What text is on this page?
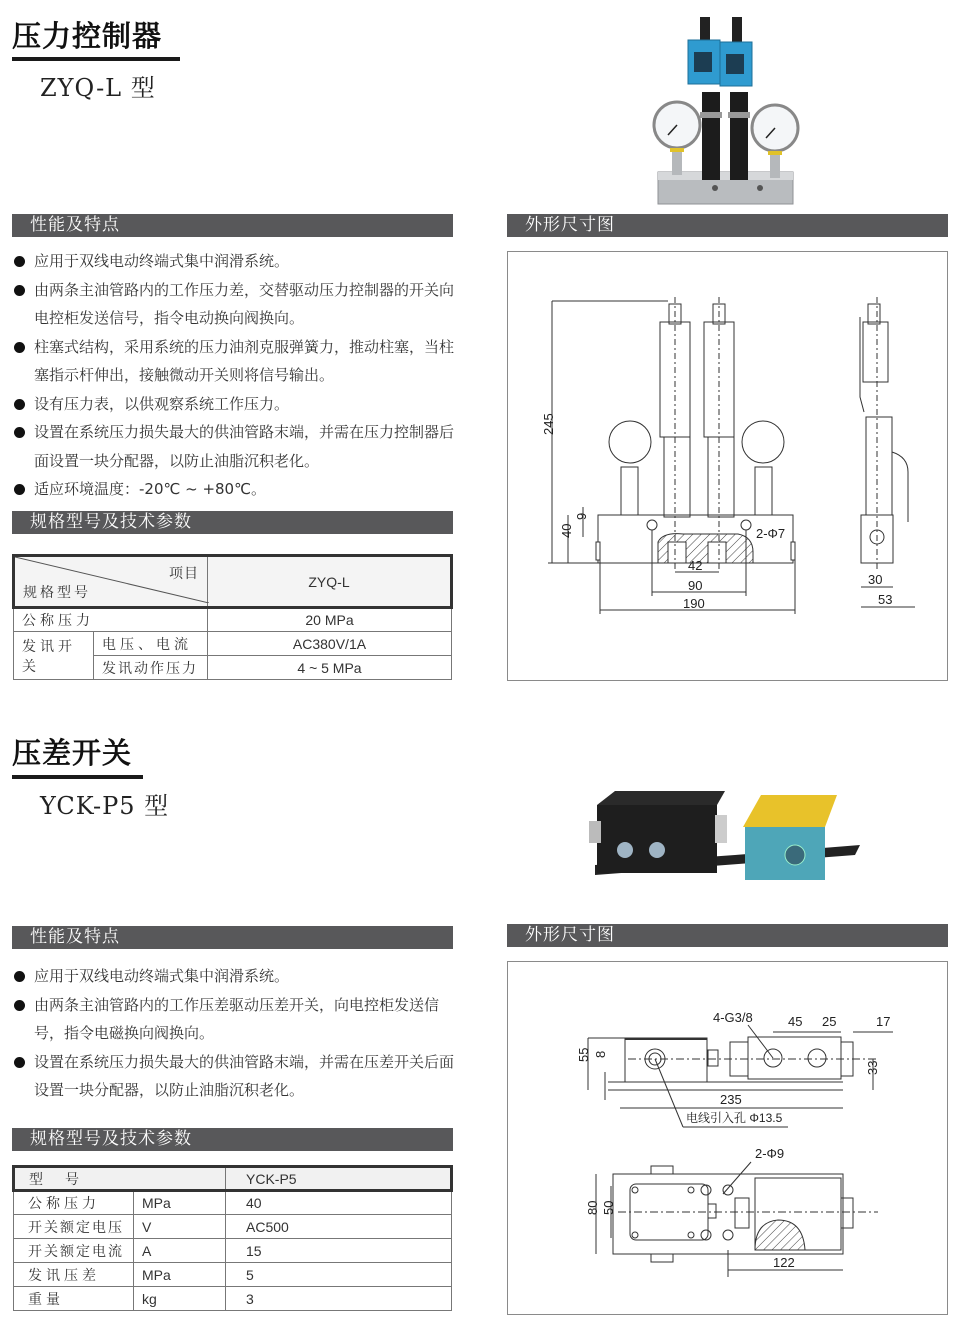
压力控制器
ZYQ-L 型
性能及特点
应用于双线电动终端式集中润滑系统。
由两条主油管路内的工作压力差，交替驱动压力控制器的开关向电控柜发送信号，指令电动换向阀换向。
柱塞式结构，采用系统的压力油剂克服弹簧力，推动柱塞，当柱塞指示杆伸出，接触微动开关则将信号输出。
设有压力表，以供观察系统工作压力。
设置在系统压力损失最大的供油管路末端，并需在压力控制器后面设置一块分配器，以防止油脂沉积老化。
适应环境温度：-20℃ ~ +80℃。
规格型号及技术参数
项目
规格型号		ZYQ-L
公称压力		20 MPa
发讯开关	电压、电流	AC380V/1A
	发讯动作压力	4 ~ 5 MPa
外形尺寸图
245
40
9
2-Φ7
42
90
190
30
53
压差开关
YCK-P5 型
性能及特点
应用于双线电动终端式集中润滑系统。
由两条主油管路内的工作压差驱动压差开关，向电控柜发送信号，指令电磁换向阀换向。
设置在系统压力损失最大的供油管路末端，并需在压差开关后面设置一块分配器，以防止油脂沉积老化。
规格型号及技术参数
型　号		YCK-P5
公称压力	MPa	40
开关额定电压	V	AC500
开关额定电流	A	15
发讯压差	MPa	5
重量	kg	3
外形尺寸图
55 8
235
33
4-G3/8	45 25	17
电线引入孔 Φ13.5
80 50
2-Φ9
122
